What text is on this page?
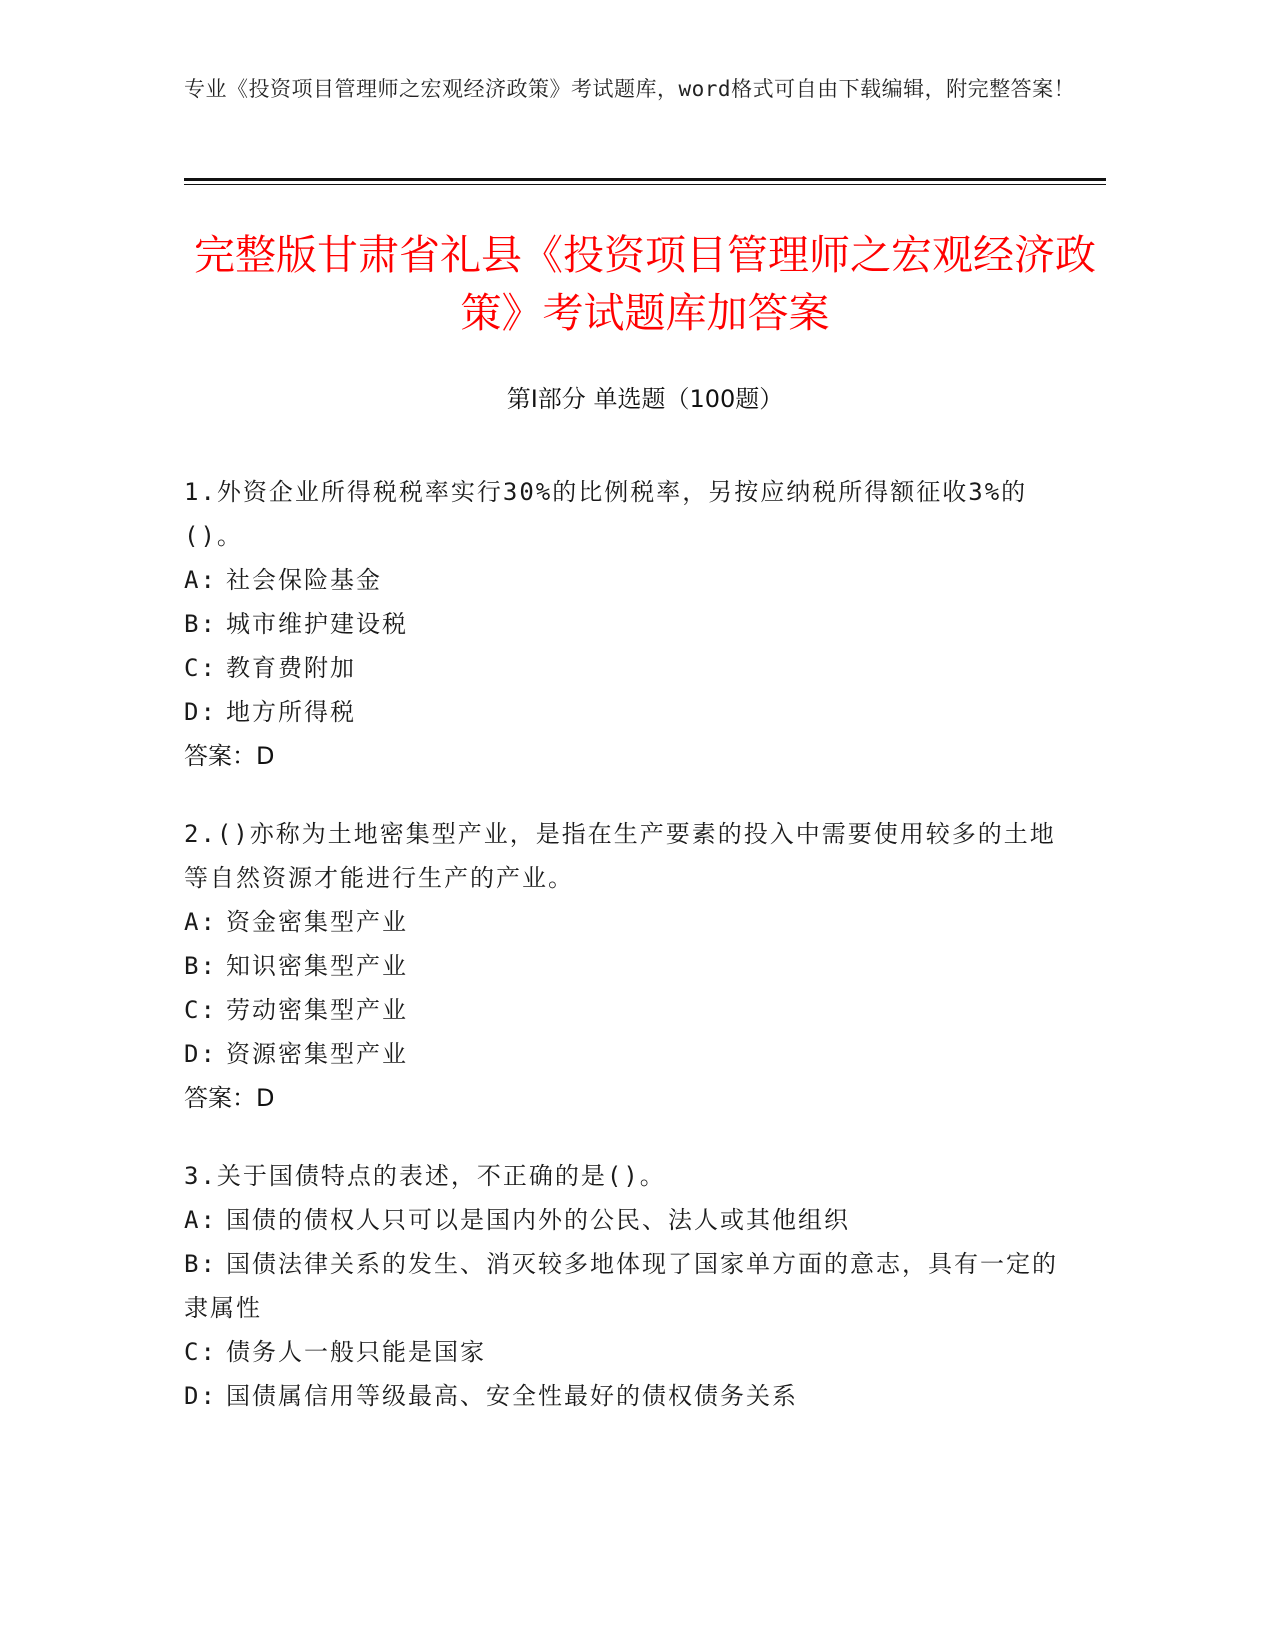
专业《投资项目管理师之宏观经济政策》考试题库，word格式可自由下载编辑，附完整答案！
完整版甘肃省礼县《投资项目管理师之宏观经济政策》考试题库加答案
第Ⅰ部分 单选题（100题）
1.外资企业所得税税率实行30%的比例税率，另按应纳税所得额征收3%的()。
A: 社会保险基金
B: 城市维护建设税
C: 教育费附加
D: 地方所得税
答案：D
2.()亦称为土地密集型产业，是指在生产要素的投入中需要使用较多的土地等自然资源才能进行生产的产业。
A: 资金密集型产业
B: 知识密集型产业
C: 劳动密集型产业
D: 资源密集型产业
答案：D
3.关于国债特点的表述，不正确的是()。
A: 国债的债权人只可以是国内外的公民、法人或其他组织
B: 国债法律关系的发生、消灭较多地体现了国家单方面的意志，具有一定的隶属性
C: 债务人一般只能是国家
D: 国债属信用等级最高、安全性最好的债权债务关系
